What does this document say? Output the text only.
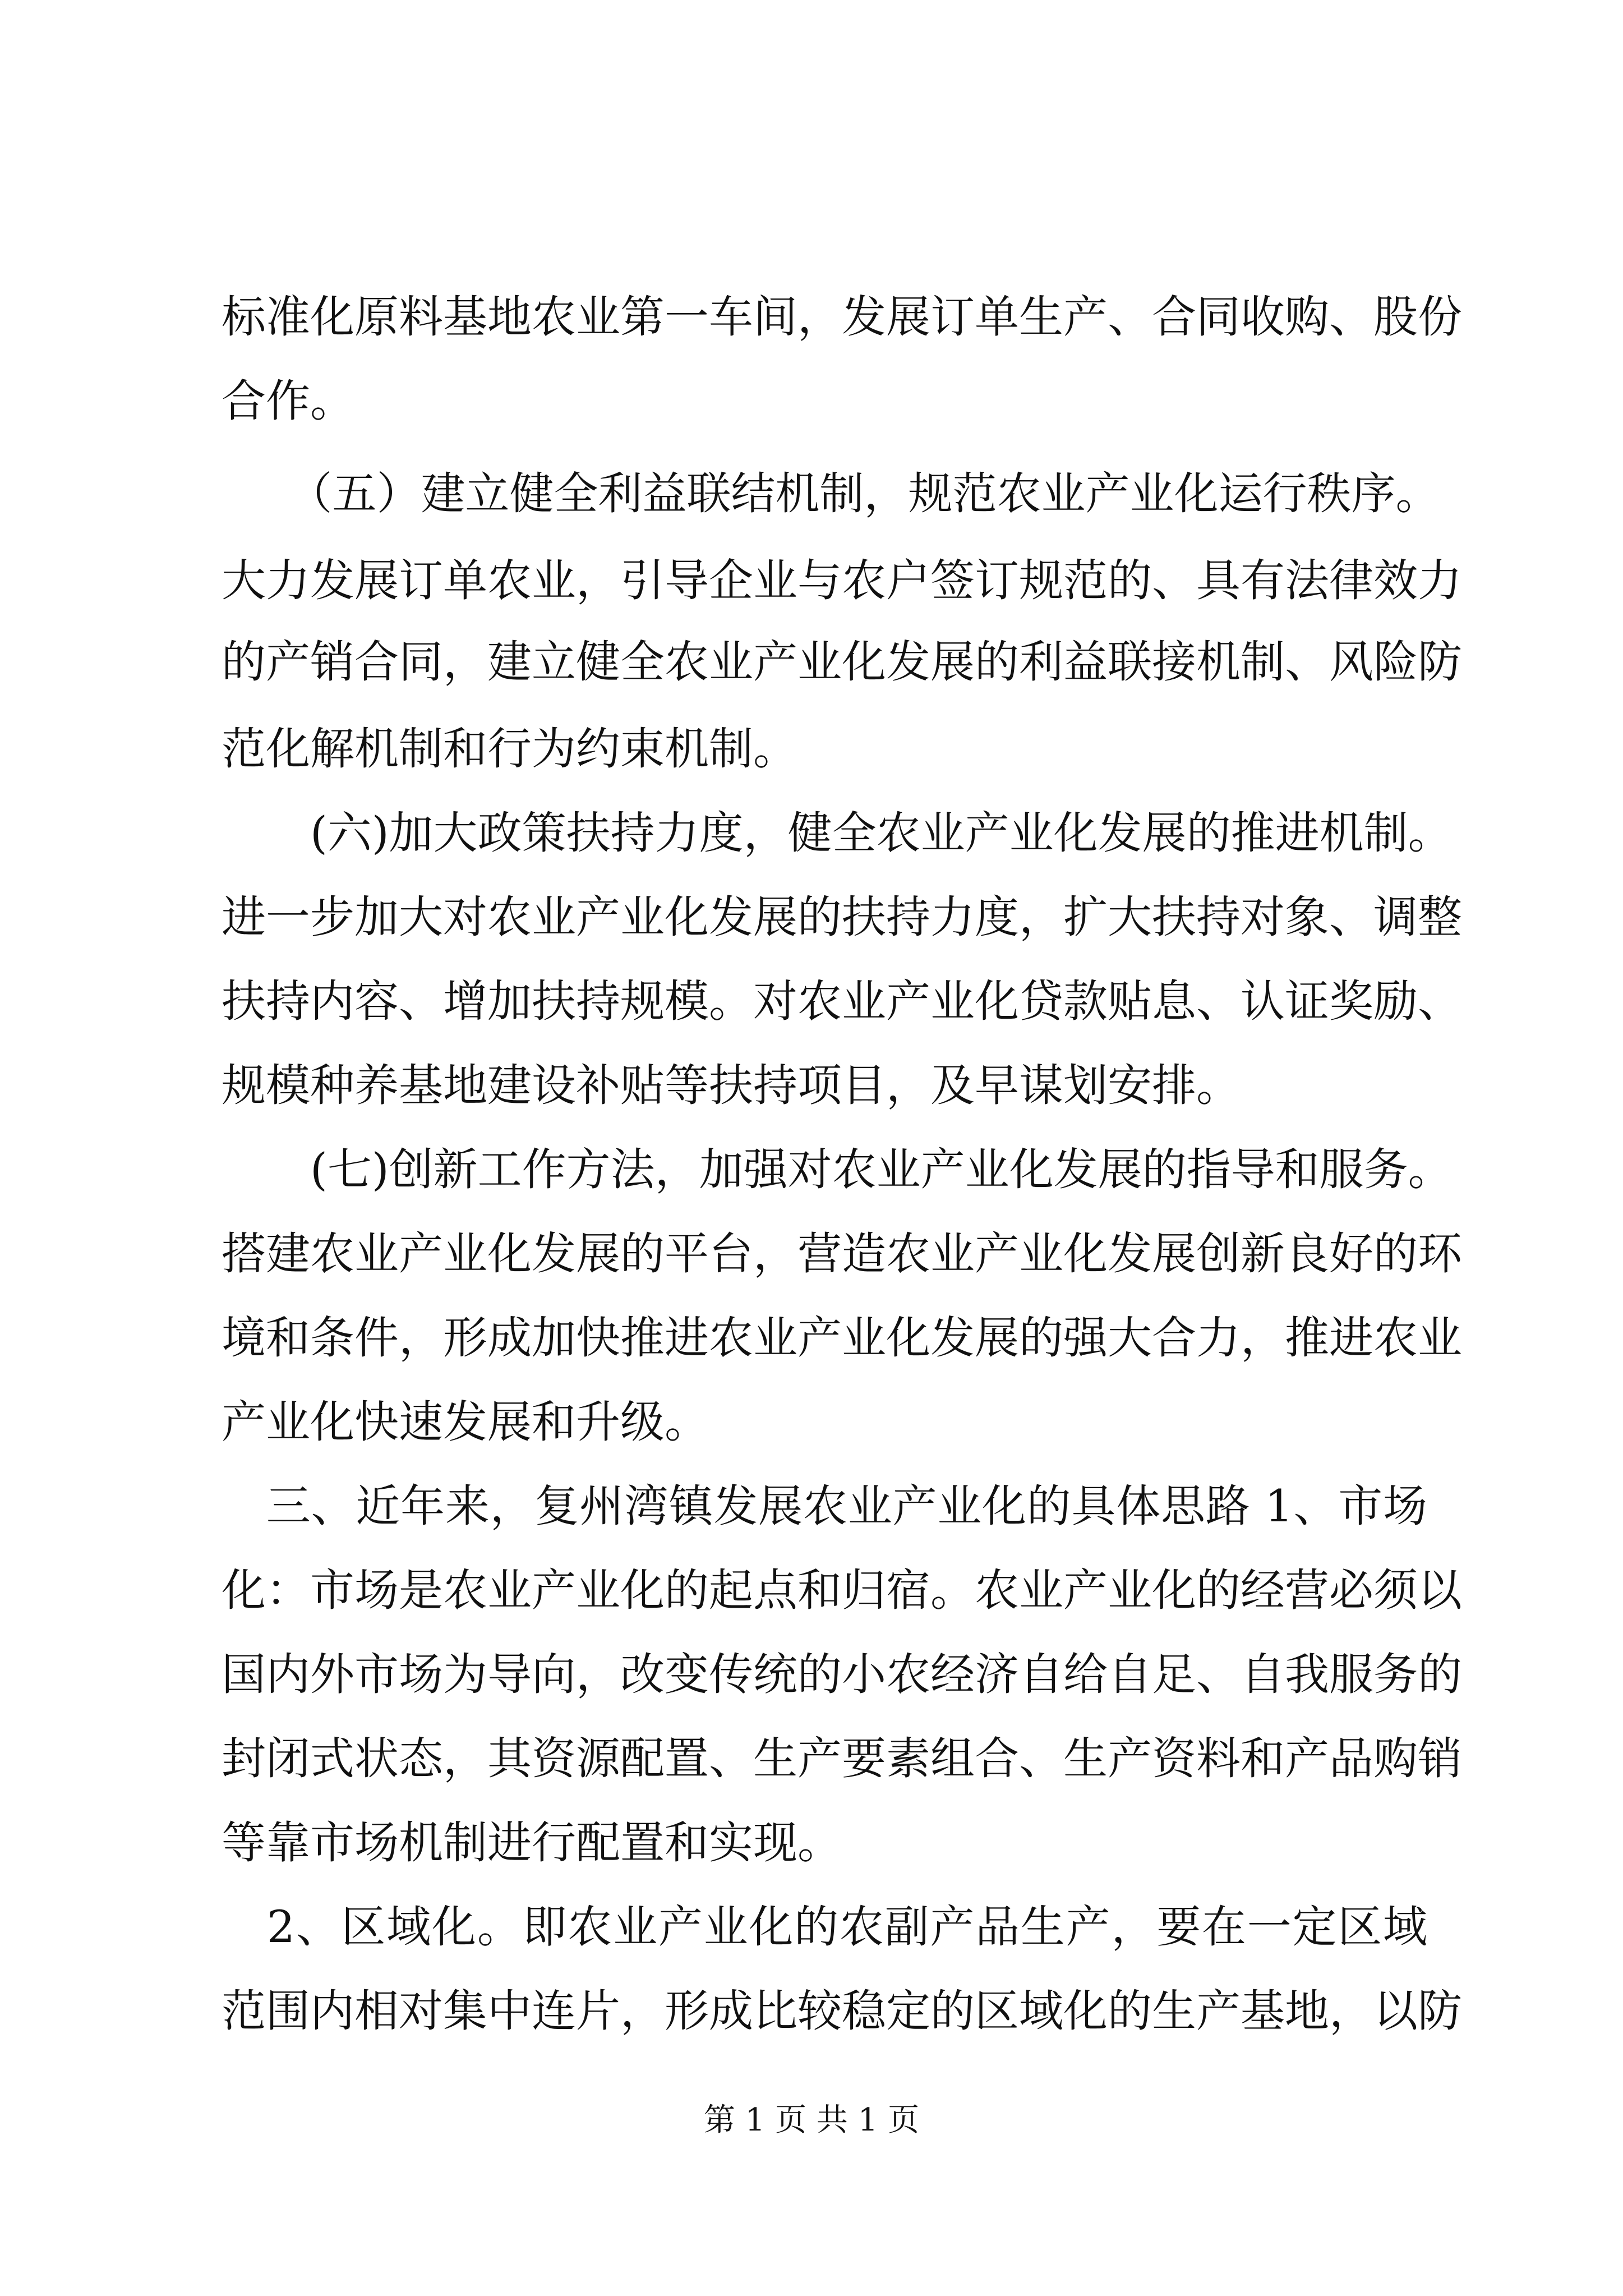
标准化原料基地农业第一车间，发展订单生产、合同收购、股份
合作。
　　（五）建立健全利益联结机制，规范农业产业化运行秩序。
大力发展订单农业，引导企业与农户签订规范的、具有法律效力
的产销合同，建立健全农业产业化发展的利益联接机制、风险防
范化解机制和行为约束机制。
　　(六)加大政策扶持力度，健全农业产业化发展的推进机制。
进一步加大对农业产业化发展的扶持力度，扩大扶持对象、调整
扶持内容、增加扶持规模。对农业产业化贷款贴息、认证奖励、
规模种养基地建设补贴等扶持项目，及早谋划安排。
　　(七)创新工作方法，加强对农业产业化发展的指导和服务。
搭建农业产业化发展的平台，营造农业产业化发展创新良好的环
境和条件，形成加快推进农业产业化发展的强大合力，推进农业
产业化快速发展和升级。
　三、近年来，复州湾镇发展农业产业化的具体思路 1、市场
化：市场是农业产业化的起点和归宿。农业产业化的经营必须以
国内外市场为导向，改变传统的小农经济自给自足、自我服务的
封闭式状态，其资源配置、生产要素组合、生产资料和产品购销
等靠市场机制进行配置和实现。
　2、区域化。即农业产业化的农副产品生产，要在一定区域
范围内相对集中连片，形成比较稳定的区域化的生产基地，以防
第 1 页 共 1 页
